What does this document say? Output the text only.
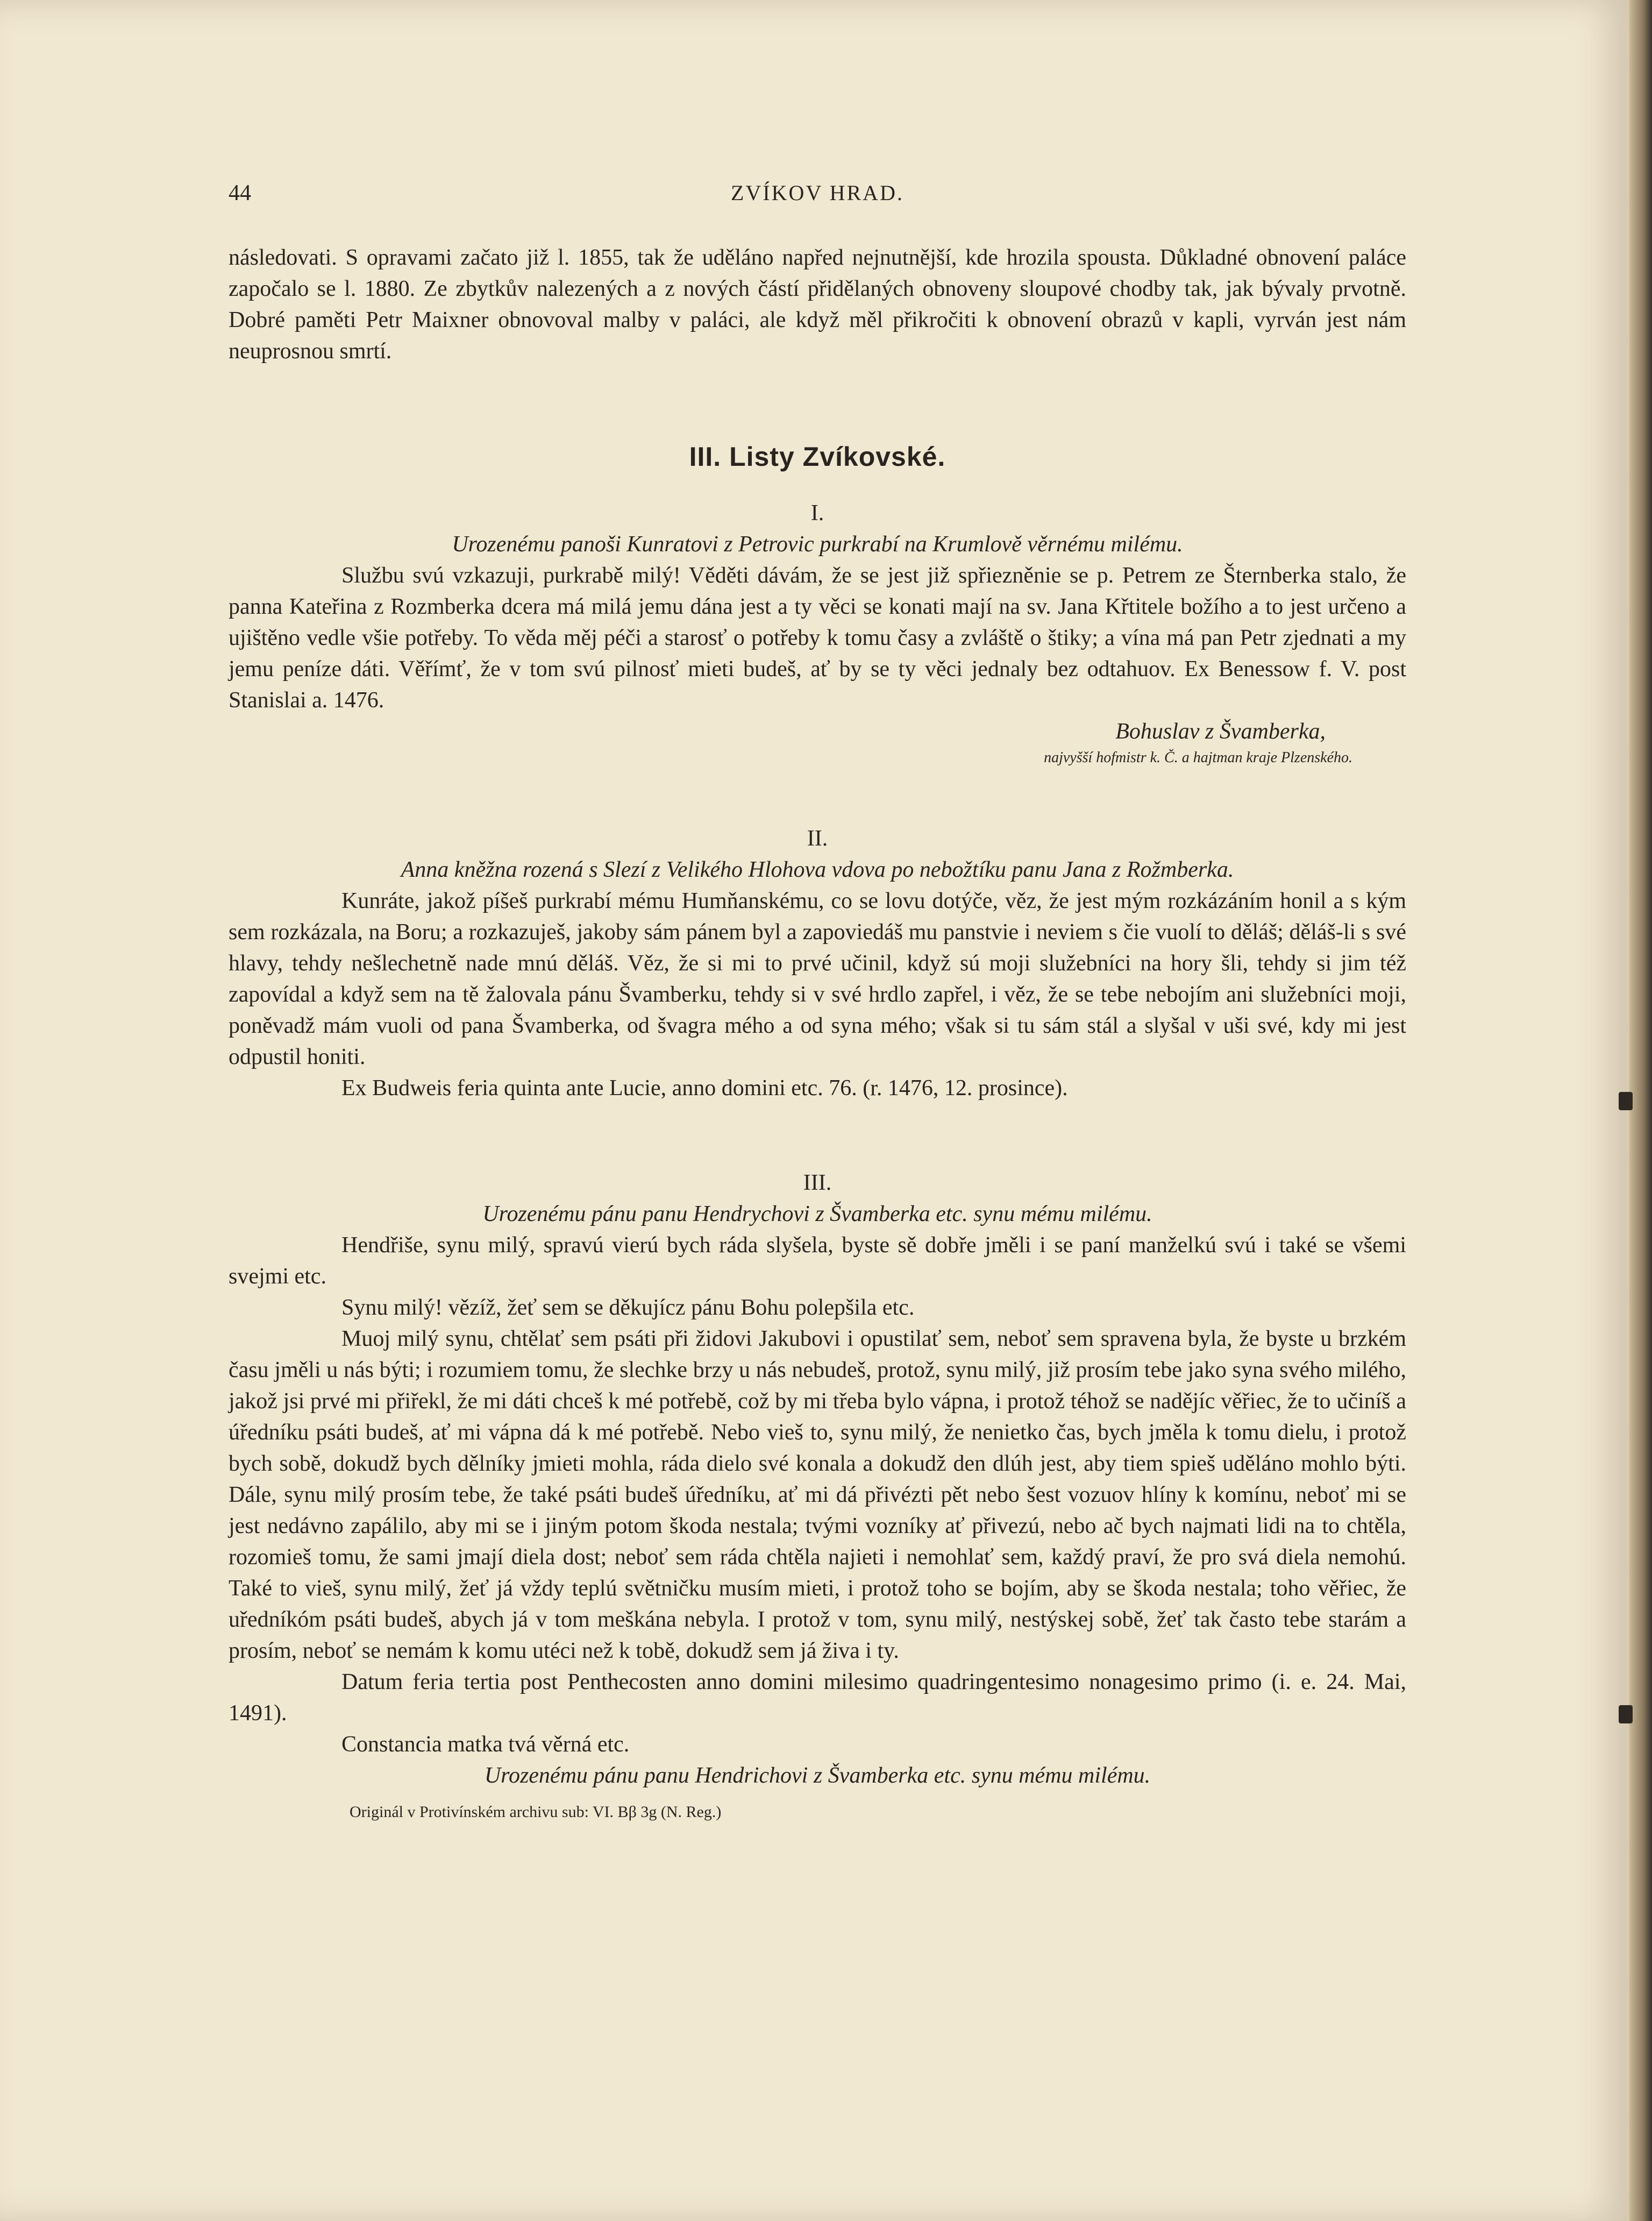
44	ZVÍKOV HRAD.

následovati. S opravami začato již l. 1855, tak že uděláno napřed nejnutnější, kde hrozila spousta. Důkladné obnovení paláce započalo se l. 1880. Ze zbytkův nalezených a z nových částí přidělaných obnoveny sloupové chodby tak, jak bývaly prvotně. Dobré paměti Petr Maixner obnovoval malby v paláci, ale když měl přikročiti k obnovení obrazů v kapli, vyrván jest nám neuprosnou smrtí.

III. Listy Zvíkovské.
I.
Urozenému panoši Kunratovi z Petrovic purkrabí na Krumlově věrnému milému.

Službu svú vzkazuji, purkrabě milý! Věděti dávám, že se jest již spřiezněnie se p. Petrem ze Šternberka stalo, že panna Kateřina z Rozmberka dcera má milá jemu dána jest a ty věci se konati mají na sv. Jana Křtitele božího a to jest určeno a ujištěno vedle všie potřeby. To věda měj péči a starosť o potřeby k tomu časy a zvláště o štiky; a vína má pan Petr zjednati a my jemu peníze dáti. Věřímť, že v tom svú pilnosť mieti budeš, ať by se ty věci jednaly bez odtahuov. Ex Benessow f. V. post Stanislai a. 1476.

Bohuslav z Švamberka,
najvyšší hofmistr k. Č. a hajtman kraje Plzenského.
II.
Anna kněžna rozená s Slezí z Velikého Hlohova vdova po nebožtíku panu Jana z Rožmberka.

Kunráte, jakož píšeš purkrabí mému Humňanskému, co se lovu dotýče, věz, že jest mým rozkázáním honil a s kým sem rozkázala, na Boru; a rozkazuješ, jakoby sám pánem byl a zapoviedáš mu panstvie i neviem s čie vuolí to děláš; děláš-li s své hlavy, tehdy nešlechetně nade mnú děláš. Věz, že si mi to prvé učinil, když sú moji služebníci na hory šli, tehdy si jim též zapovídal a když sem na tě žalovala pánu Švamberku, tehdy si v své hrdlo zapřel, i věz, že se tebe nebojím ani služebníci moji, poněvadž mám vuoli od pana Švamberka, od švagra mého a od syna mého; však si tu sám stál a slyšal v uši své, kdy mi jest odpustil honiti.

Ex Budweis feria quinta ante Lucie, anno domini etc. 76. (r. 1476, 12. prosince).

III.
Urozenému pánu panu Hendrychovi z Švamberka etc. synu mému milému.

Hendřiše, synu milý, spravú vierú bych ráda slyšela, byste sě dobře jměli i se paní manželkú svú i také se všemi svejmi etc.

Synu milý! vězíž, žeť sem se děkujícz pánu Bohu polepšila etc.

Muoj milý synu, chtělať sem psáti při židovi Jakubovi i opustilať sem, neboť sem spravena byla, že byste u brzkém času jměli u nás býti; i rozumiem tomu, že slechke brzy u nás nebudeš, protož, synu milý, již prosím tebe jako syna svého milého, jakož jsi prvé mi přiřekl, že mi dáti chceš k mé potřebě, což by mi třeba bylo vápna, i protož téhož se nadějíc věřiec, že to učiníš a úředníku psáti budeš, ať mi vápna dá k mé potřebě. Nebo vieš to, synu milý, že nenietko čas, bych jměla k tomu dielu, i protož bych sobě, dokudž bych dělníky jmieti mohla, ráda dielo své konala a dokudž den dlúh jest, aby tiem spieš uděláno mohlo býti. Dále, synu milý prosím tebe, že také psáti budeš úředníku, ať mi dá přivézti pět nebo šest vozuov hlíny k komínu, neboť mi se jest nedávno zapálilo, aby mi se i jiným potom škoda nestala; tvými vozníky ať přivezú, nebo ač bych najmati lidi na to chtěla, rozomieš tomu, že sami jmají diela dost; neboť sem ráda chtěla najieti i nemohlať sem, každý praví, že pro svá diela nemohú. Také to vieš, synu milý, žeť já vždy teplú světničku musím mieti, i protož toho se bojím, aby se škoda nestala; toho věřiec, že uředníkóm psáti budeš, abych já v tom meškána nebyla. I protož v tom, synu milý, nestýskej sobě, žeť tak často tebe starám a prosím, neboť se nemám k komu utéci než k tobě, dokudž sem já živa i ty.

Datum feria tertia post Penthecosten anno domini milesimo quadringentesimo nonagesimo primo (i. e. 24. Mai, 1491).

Constancia matka tvá věrná etc.

Urozenému pánu panu Hendrichovi z Švamberka etc. synu mému milému.
Originál v Protivínském archivu sub: VI. Bβ 3g (N. Reg.)
